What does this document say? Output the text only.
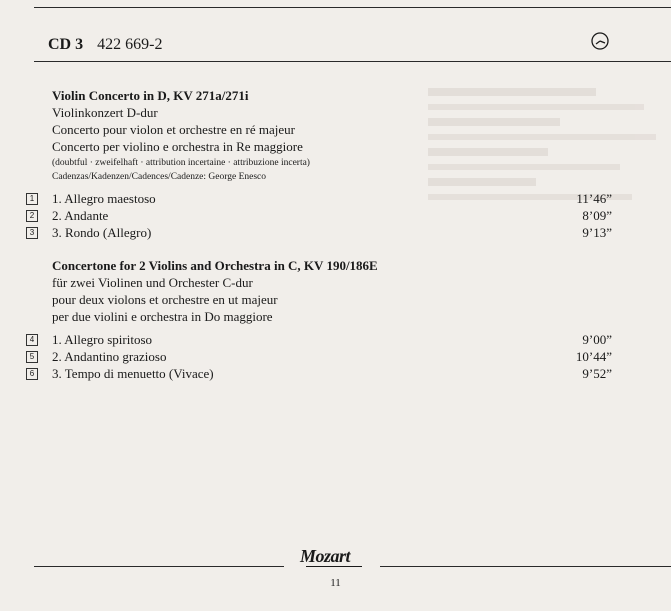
CD 3 422 669-2
Violin Concerto in D, KV 271a/271i
Violinkonzert D-dur
Concerto pour violon et orchestre en ré majeur
Concerto per violino e orchestra in Re maggiore
(doubtful · zweifelhaft · attribution incertaine · attribuzione incerta)
Cadenzas/Kadenzen/Cadences/Cadenze: George Enesco
1 1. Allegro maestoso	11’46”
2 2. Andante	8’09”
3 3. Rondo (Allegro)	9’13”
Concertone for 2 Violins and Orchestra in C, KV 190/186E
für zwei Violinen und Orchester C-dur
pour deux violons et orchestre en ut majeur
per due violini e orchestra in Do maggiore
4 1. Allegro spiritoso	9’00”
5 2. Andantino grazioso	10’44”
6 3. Tempo di menuetto (Vivace)	9’52”
Mozart
11
